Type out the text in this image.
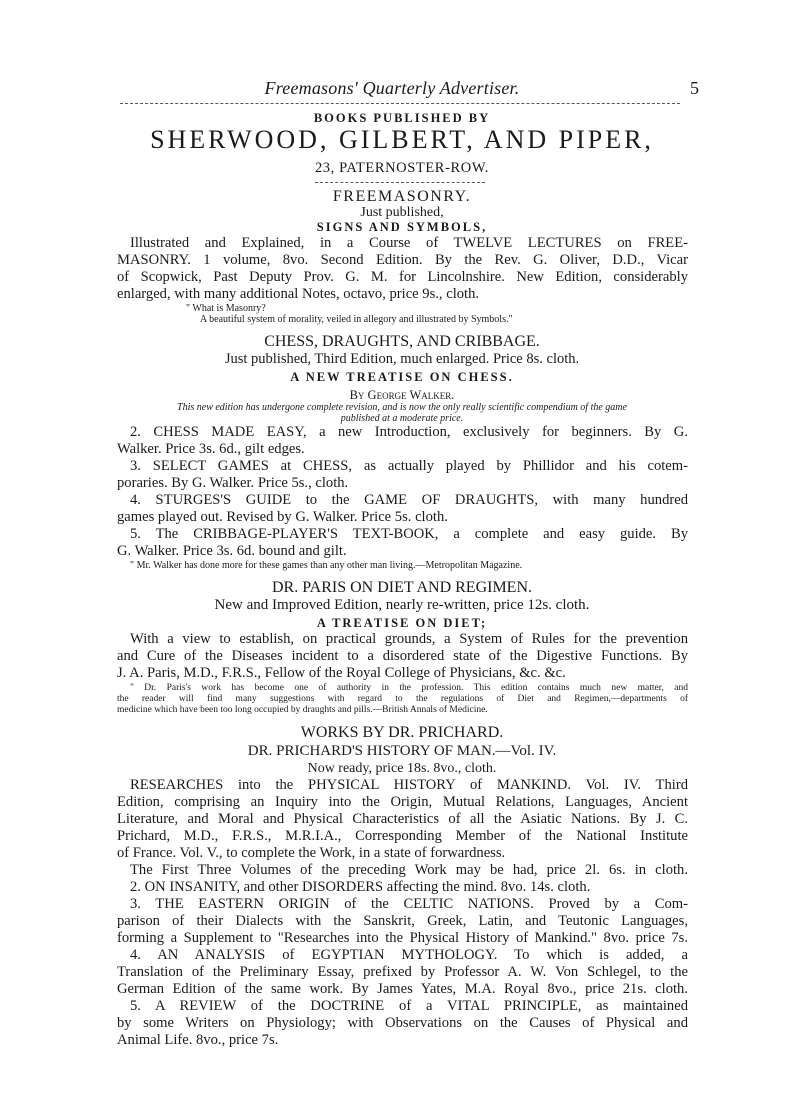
Freemasons' Quarterly Advertiser.	5
BOOKS PUBLISHED BY
SHERWOOD, GILBERT, AND PIPER,
23, PATERNOSTER-ROW.
FREEMASONRY.
Just published,
SIGNS AND SYMBOLS,
Illustrated and Explained, in a Course of TWELVE LECTURES on FREE-
MASONRY. 1 volume, 8vo. Second Edition. By the Rev. G. Oliver, D.D., Vicar
of Scopwick, Past Deputy Prov. G. M. for Lincolnshire. New Edition, considerably
enlarged, with many additional Notes, octavo, price 9s., cloth.
" What is Masonry?
A beautiful system of morality, veiled in allegory and illustrated by Symbols."
CHESS, DRAUGHTS, AND CRIBBAGE.
Just published, Third Edition, much enlarged. Price 8s. cloth.
A NEW TREATISE ON CHESS.
By George Walker.
This new edition has undergone complete revision, and is now the only really scientific compendium of the game
published at a moderate price.
2. CHESS MADE EASY, a new Introduction, exclusively for beginners. By G.
Walker. Price 3s. 6d., gilt edges.
3. SELECT GAMES at CHESS, as actually played by Phillidor and his cotem-
poraries. By G. Walker. Price 5s., cloth.
4. STURGES'S GUIDE to the GAME OF DRAUGHTS, with many hundred
games played out. Revised by G. Walker. Price 5s. cloth.
5. The CRIBBAGE-PLAYER'S TEXT-BOOK, a complete and easy guide. By
G. Walker. Price 3s. 6d. bound and gilt.
" Mr. Walker has done more for these games than any other man living.—Metropolitan Magazine.
DR. PARIS ON DIET AND REGIMEN.
New and Improved Edition, nearly re-written, price 12s. cloth.
A TREATISE ON DIET;
With a view to establish, on practical grounds, a System of Rules for the prevention
and Cure of the Diseases incident to a disordered state of the Digestive Functions. By
J. A. Paris, M.D., F.R.S., Fellow of the Royal College of Physicians, &c. &c.
" Dr. Paris's work has become one of authority in the profession. This edition contains much new matter, and
the reader will find many suggestions with regard to the regulations of Diet and Regimen,—departments of
medicine which have been too long occupied by draughts and pills.—British Annals of Medicine.
WORKS BY DR. PRICHARD.
DR. PRICHARD'S HISTORY OF MAN.—Vol. IV.
Now ready, price 18s. 8vo., cloth.
RESEARCHES into the PHYSICAL HISTORY of MANKIND. Vol. IV. Third
Edition, comprising an Inquiry into the Origin, Mutual Relations, Languages, Ancient
Literature, and Moral and Physical Characteristics of all the Asiatic Nations. By J. C.
Prichard, M.D., F.R.S., M.R.I.A., Corresponding Member of the National Institute
of France. Vol. V., to complete the Work, in a state of forwardness.
The First Three Volumes of the preceding Work may be had, price 2l. 6s. in cloth.
2. ON INSANITY, and other DISORDERS affecting the mind. 8vo. 14s. cloth.
3. THE EASTERN ORIGIN of the CELTIC NATIONS. Proved by a Com-
parison of their Dialects with the Sanskrit, Greek, Latin, and Teutonic Languages,
forming a Supplement to "Researches into the Physical History of Mankind." 8vo. price 7s.
4. AN ANALYSIS of EGYPTIAN MYTHOLOGY. To which is added, a
Translation of the Preliminary Essay, prefixed by Professor A. W. Von Schlegel, to the
German Edition of the same work. By James Yates, M.A. Royal 8vo., price 21s. cloth.
5. A REVIEW of the DOCTRINE of a VITAL PRINCIPLE, as maintained
by some Writers on Physiology; with Observations on the Causes of Physical and
Animal Life. 8vo., price 7s.
